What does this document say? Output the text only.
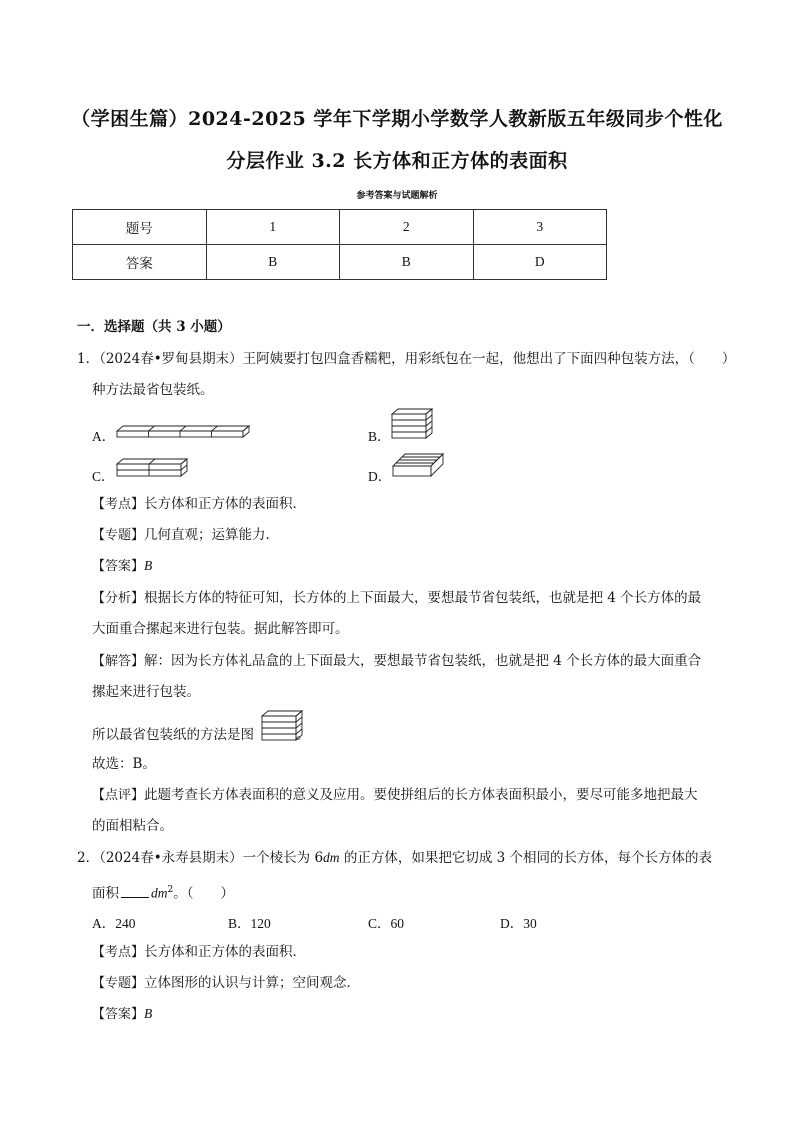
（学困生篇）2024-2025 学年下学期小学数学人教新版五年级同步个性化
分层作业 3.2 长方体和正方体的表面积
参考答案与试题解析
题号	1	2	3
答案	B	B	D
一．选择题（共 3 小题）
1．（2024春•罗甸县期末）王阿姨要打包四盒香糯粑，用彩纸包在一起，他想出了下面四种包装方法，（　　）
种方法最省包装纸。
A．	B．
C．	D．
【考点】长方体和正方体的表面积．
【专题】几何直观；运算能力．
【答案】B
【分析】根据长方体的特征可知，长方体的上下面最大，要想最节省包装纸，也就是把 4 个长方体的最
大面重合摞起来进行包装。据此解答即可。
【解答】解：因为长方体礼品盒的上下面最大，要想最节省包装纸，也就是把 4 个长方体的最大面重合
摞起来进行包装。
所以最省包装纸的方法是图	。
故选：B。
【点评】此题考查长方体表面积的意义及应用。要使拼组后的长方体表面积最小，要尽可能多地把最大
的面相粘合。
2．（2024春•永寿县期末）一个棱长为 6dm 的正方体，如果把它切成 3 个相同的长方体，每个长方体的表
面积 $dm^2$。（　　）
A．240	B．120	C．60	D．30
【考点】长方体和正方体的表面积．
【专题】立体图形的认识与计算；空间观念．
【答案】B
